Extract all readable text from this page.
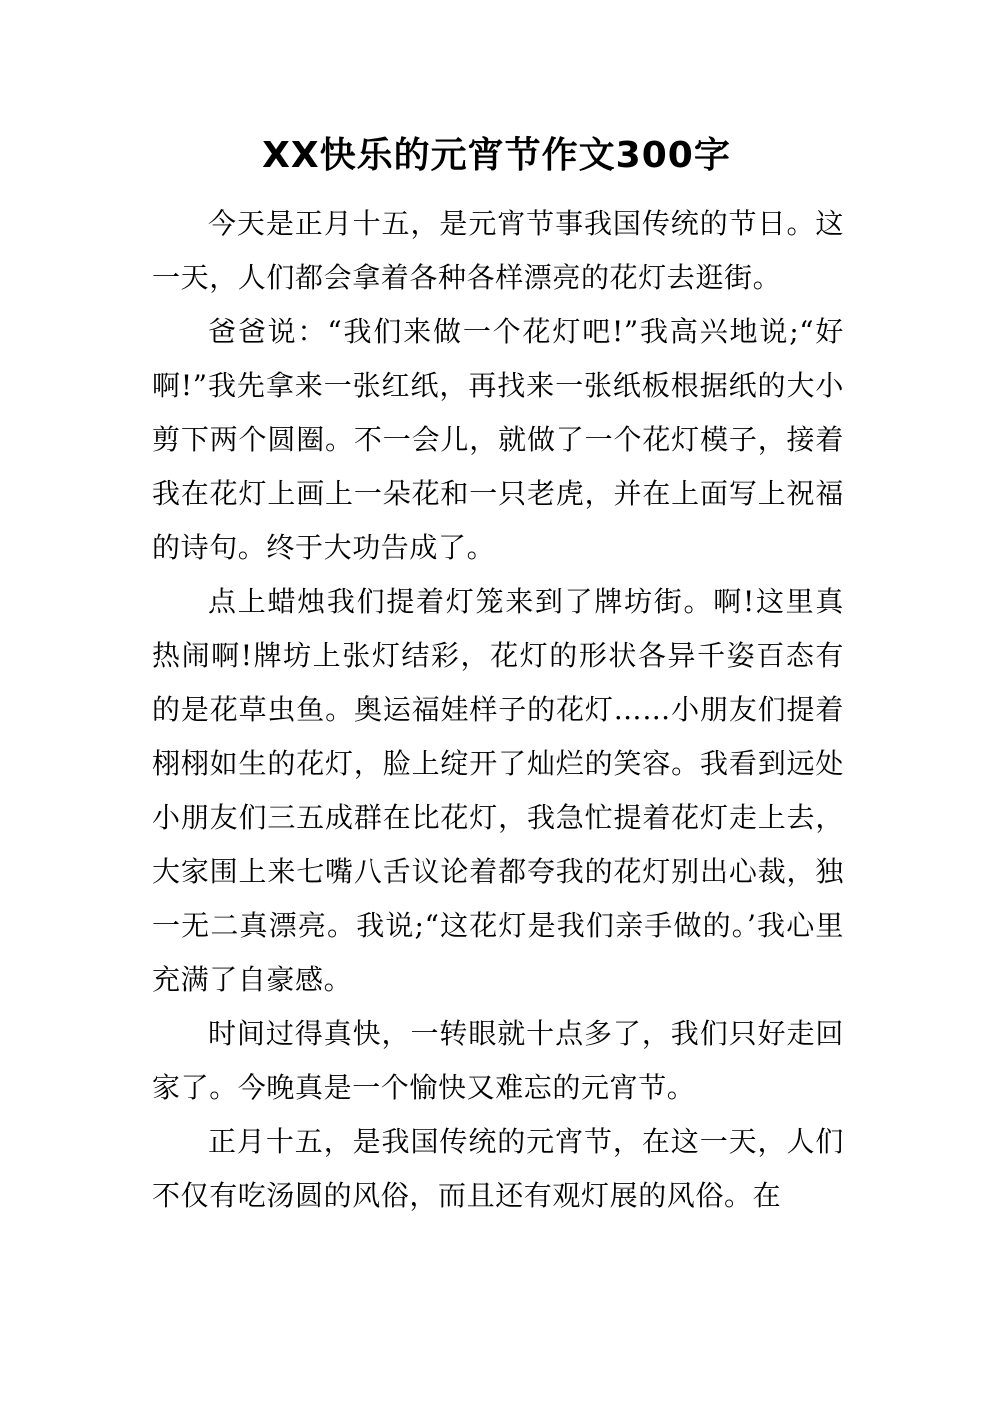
XX快乐的元宵节作文300字

今天是正月十五，是元宵节事我国传统的节日。这一天，人们都会拿着各种各样漂亮的花灯去逛街。

爸爸说：“我们来做一个花灯吧!”我高兴地说;“好啊!”我先拿来一张红纸，再找来一张纸板根据纸的大小剪下两个圆圈。不一会儿，就做了一个花灯模子，接着我在花灯上画上一朵花和一只老虎，并在上面写上祝福的诗句。终于大功告成了。

点上蜡烛我们提着灯笼来到了牌坊街。啊!这里真热闹啊!牌坊上张灯结彩，花灯的形状各异千姿百态有的是花草虫鱼。奥运福娃样子的花灯……小朋友们提着栩栩如生的花灯，脸上绽开了灿烂的笑容。我看到远处小朋友们三五成群在比花灯，我急忙提着花灯走上去，大家围上来七嘴八舌议论着都夸我的花灯别出心裁，独一无二真漂亮。我说;“这花灯是我们亲手做的。’我心里充满了自豪感。

时间过得真快，一转眼就十点多了，我们只好走回家了。今晚真是一个愉快又难忘的元宵节。

正月十五，是我国传统的元宵节，在这一天，人们不仅有吃汤圆的风俗，而且还有观灯展的风俗。在
